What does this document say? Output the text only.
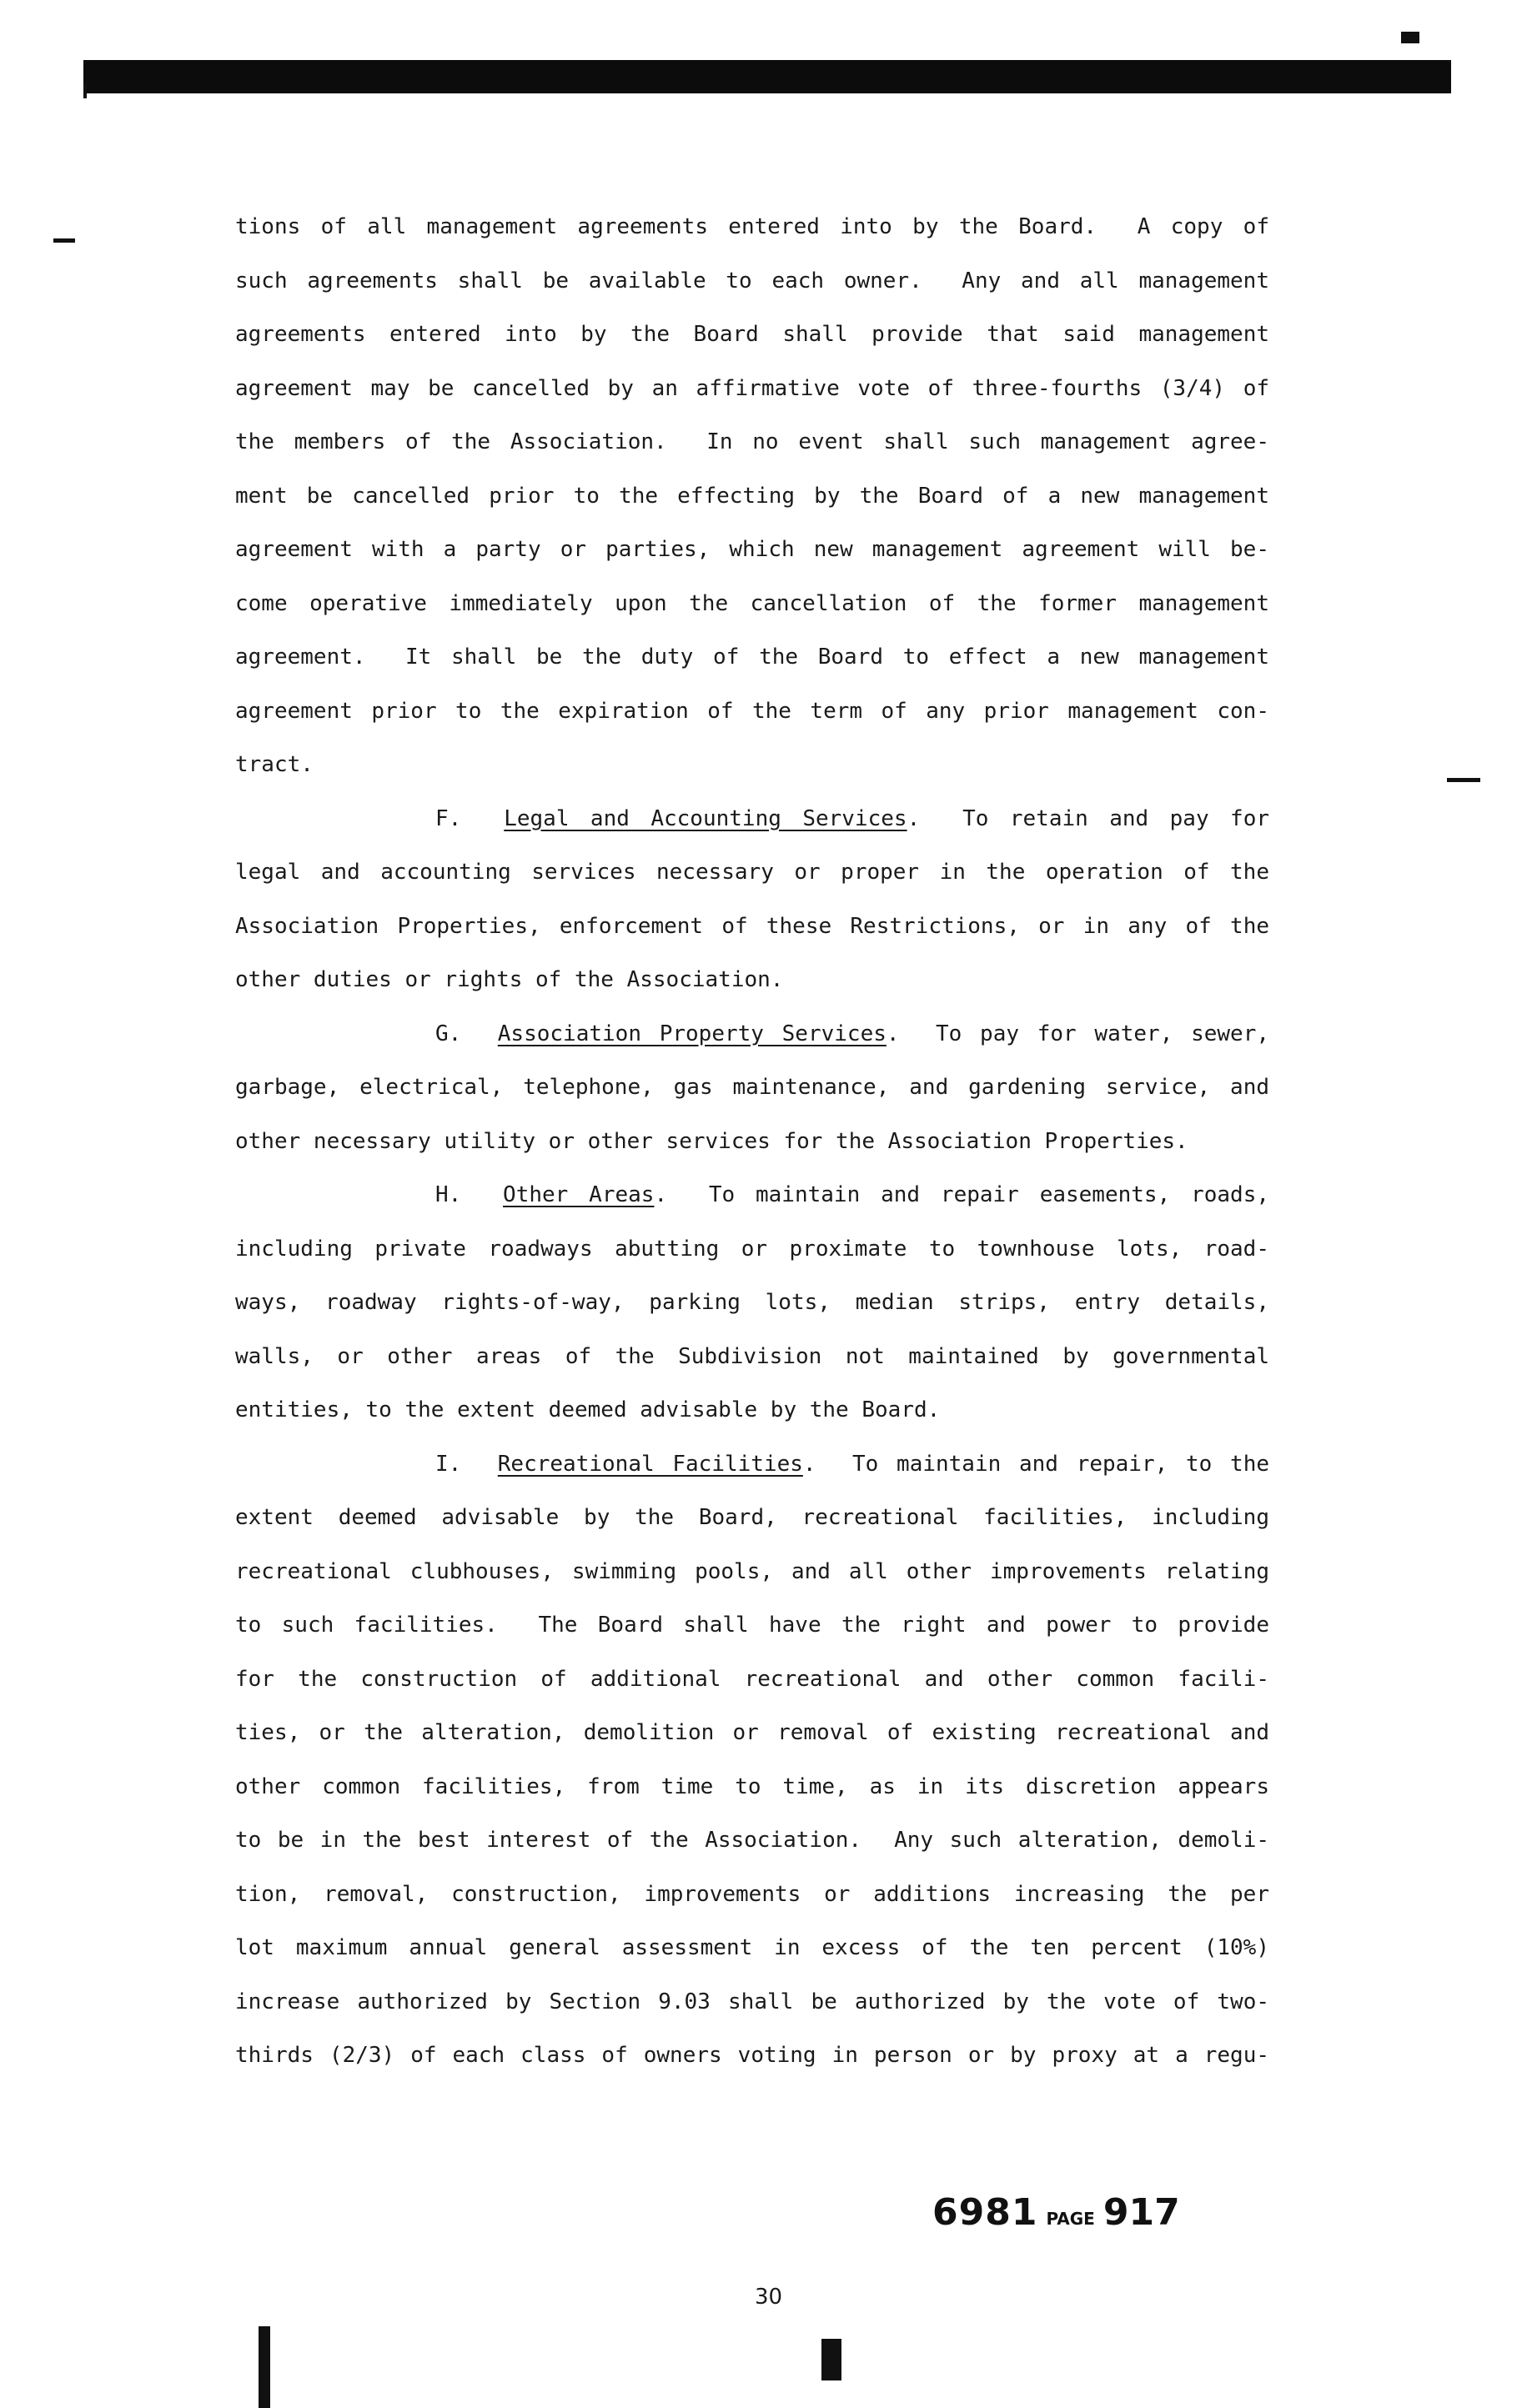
tions of all management agreements entered into by the Board.  A copy of
such agreements shall be available to each owner.  Any and all management
agreements entered into by the Board shall provide that said management
agreement may be cancelled by an affirmative vote of three-fourths (3/4) of
the members of the Association.  In no event shall such management agree-
ment be cancelled prior to the effecting by the Board of a new management
agreement with a party or parties, which new management agreement will be-
come operative immediately upon the cancellation of the former management
agreement.  It shall be the duty of the Board to effect a new management
agreement prior to the expiration of the term of any prior management con-
tract.
F. Legal and Accounting Services.  To retain and pay for
legal and accounting services necessary or proper in the operation of the
Association Properties, enforcement of these Restrictions, or in any of the
other duties or rights of the Association.
G. Association Property Services.  To pay for water, sewer,
garbage, electrical, telephone, gas maintenance, and gardening service, and
other necessary utility or other services for the Association Properties.
H. Other Areas.  To maintain and repair easements, roads,
including private roadways abutting or proximate to townhouse lots, road-
ways, roadway rights-of-way, parking lots, median strips, entry details,
walls, or other areas of the Subdivision not maintained by governmental
entities, to the extent deemed advisable by the Board.
I. Recreational Facilities.  To maintain and repair, to the
extent deemed advisable by the Board, recreational facilities, including
recreational clubhouses, swimming pools, and all other improvements relating
to such facilities.  The Board shall have the right and power to provide
for the construction of additional recreational and other common facili-
ties, or the alteration, demolition or removal of existing recreational and
other common facilities, from time to time, as in its discretion appears
to be in the best interest of the Association.  Any such alteration, demoli-
tion, removal, construction, improvements or additions increasing the per
lot maximum annual general assessment in excess of the ten percent (10%)
increase authorized by Section 9.03 shall be authorized by the vote of two-
thirds (2/3) of each class of owners voting in person or by proxy at a regu-
6981 PAGE 917
30
